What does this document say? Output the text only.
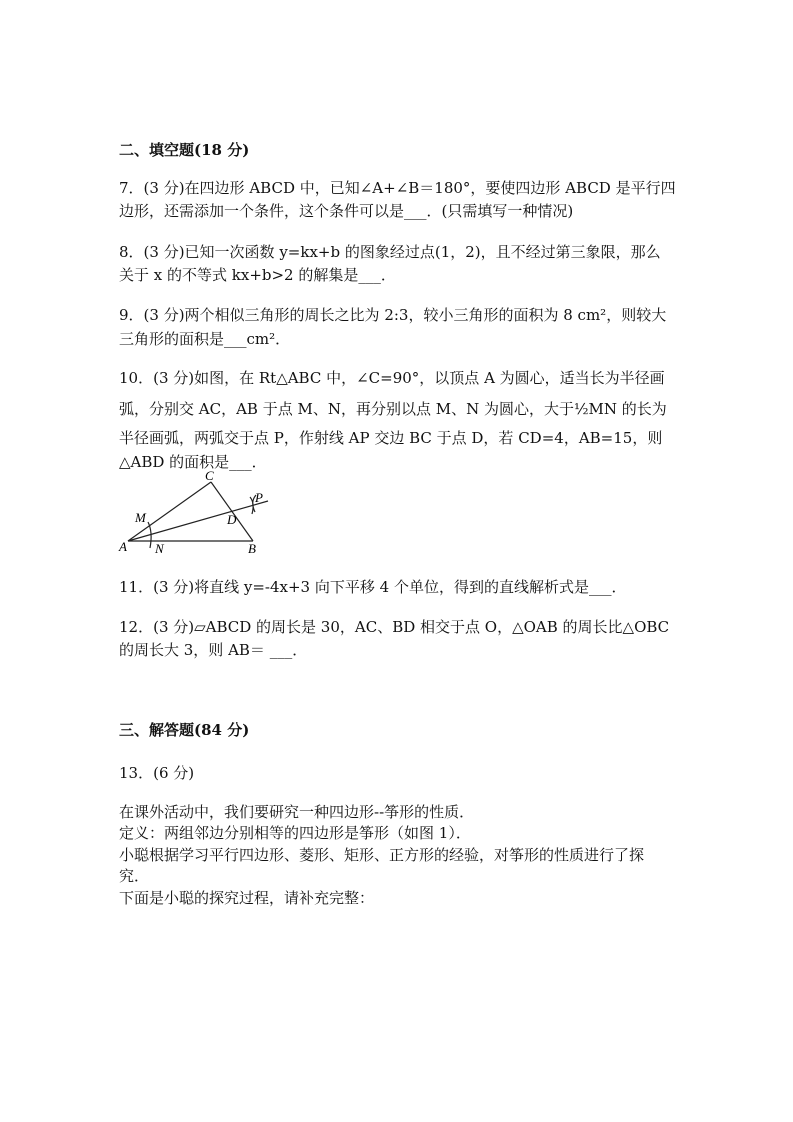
二、填空题(18 分)
7．(3 分)在四边形 ABCD 中，已知∠A+∠B＝180°，要使四边形 ABCD 是平行四
边形，还需添加一个条件，这个条件可以是___．(只需填写一种情况)
8．(3 分)已知一次函数 y=kx+b 的图象经过点(1，2)，且不经过第三象限，那么
关于 x 的不等式 kx+b>2 的解集是___．
9．(3 分)两个相似三角形的周长之比为 2:3，较小三角形的面积为 8 cm²，则较大
三角形的面积是___cm²．
10．(3 分)如图，在 Rt△ABC 中，∠C=90°，以顶点 A 为圆心，适当长为半径画
弧，分别交 AC，AB 于点 M、N，再分别以点 M、N 为圆心，大于½MN 的长为
半径画弧，两弧交于点 P，作射线 AP 交边 BC 于点 D，若 CD=4，AB=15，则
△ABD 的面积是___．
C
P
D
M
A N	B
11．(3 分)将直线 y=-4x+3 向下平移 4 个单位，得到的直线解析式是___．
12．(3 分)▱ABCD 的周长是 30，AC、BD 相交于点 O，△OAB 的周长比△OBC
的周长大 3，则 AB＝ ___．
三、解答题(84 分)
13．(6 分)
在课外活动中，我们要研究一种四边形--筝形的性质．
定义：两组邻边分别相等的四边形是筝形（如图 1）．
小聪根据学习平行四边形、菱形、矩形、正方形的经验，对筝形的性质进行了探
究．
下面是小聪的探究过程，请补充完整：
